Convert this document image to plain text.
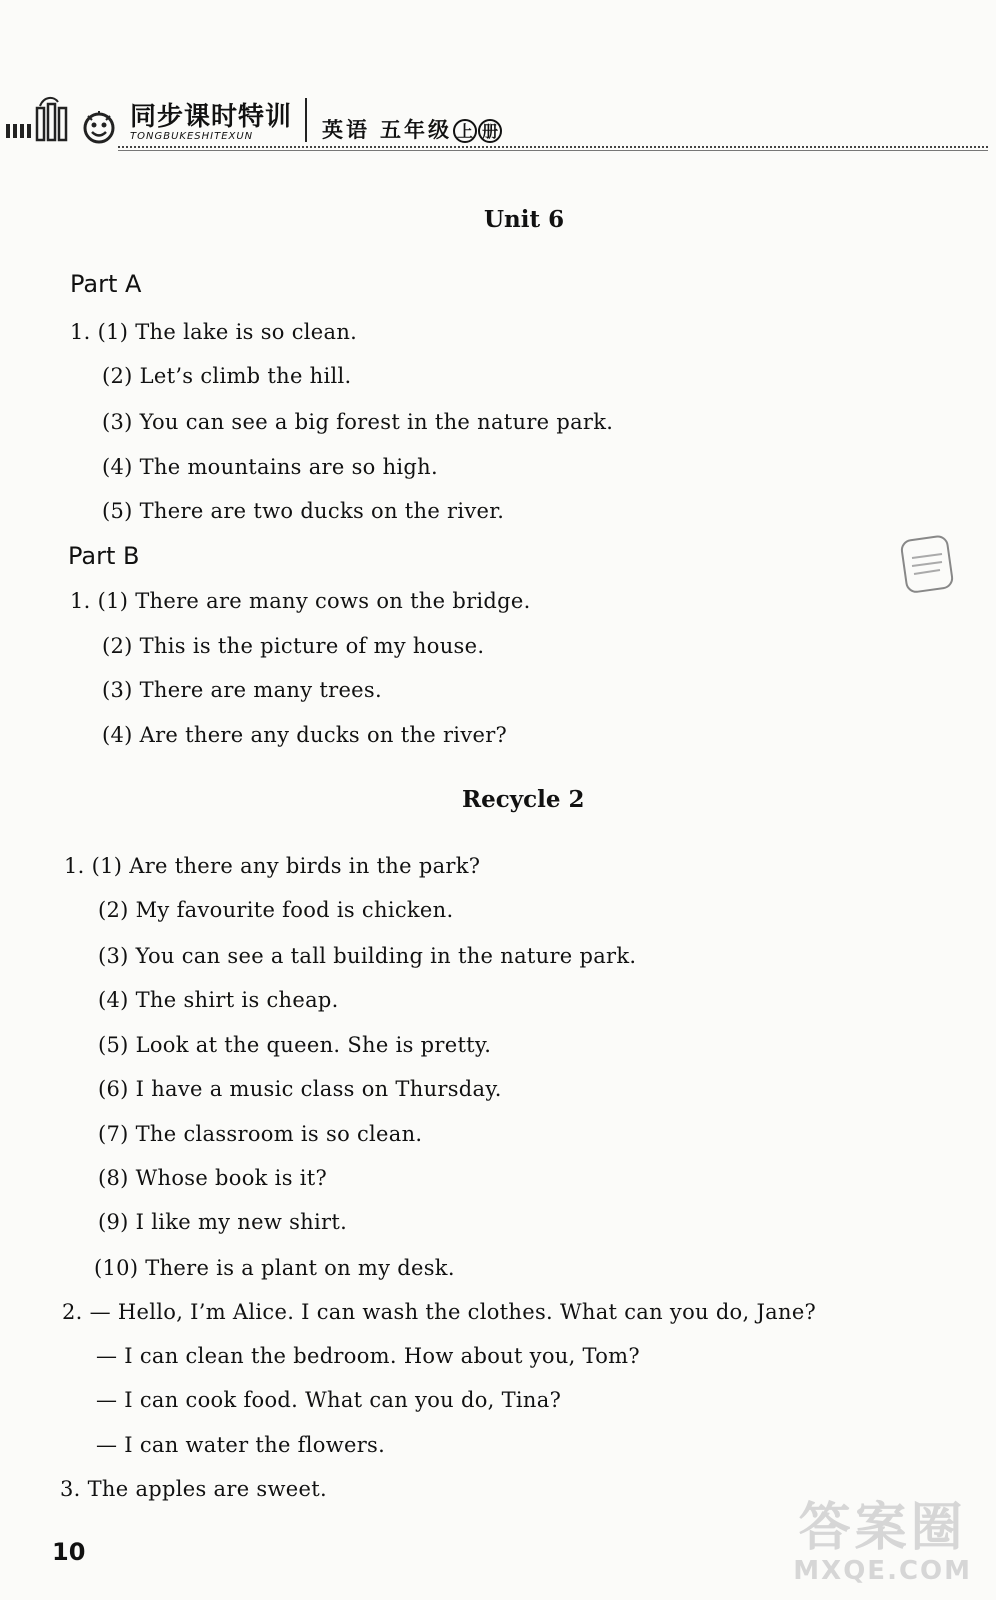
同步课时特训
TONGBUKESHITEXUN	英语 五年级 上 册
Unit 6
Part A
1. (1) The lake is so clean.
(2) Let’s climb the hill.
(3) You can see a big forest in the nature park.
(4) The mountains are so high.
(5) There are two ducks on the river.
Part B
1. (1) There are many cows on the bridge.
(2) This is the picture of my house.
(3) There are many trees.
(4) Are there any ducks on the river?
Recycle 2
1. (1) Are there any birds in the park?
(2) My favourite food is chicken.
(3) You can see a tall building in the nature park.
(4) The shirt is cheap.
(5) Look at the queen. She is pretty.
(6) I have a music class on Thursday.
(7) The classroom is so clean.
(8) Whose book is it?
(9) I like my new shirt.
(10) There is a plant on my desk.
2. — Hello, I’m Alice. I can wash the clothes. What can you do, Jane?
— I can clean the bedroom. How about you, Tom?
— I can cook food. What can you do, Tina?
— I can water the flowers.
3. The apples are sweet.
10	答案圈
MXQE.COM
